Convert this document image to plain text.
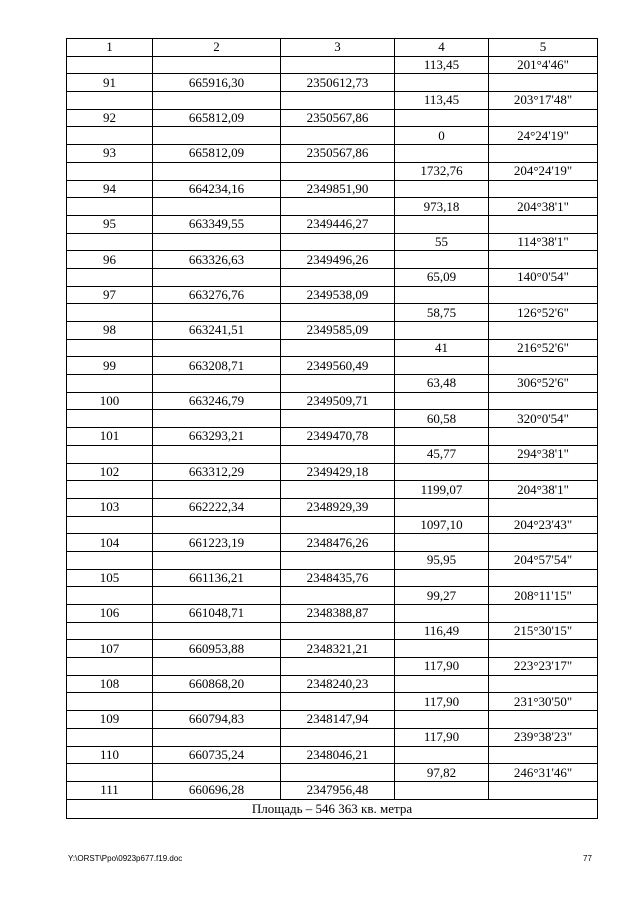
1	2	3	4	5
			113,45	201°4'46"
91	665916,30	2350612,73		
			113,45	203°17'48"
92	665812,09	2350567,86		
			0	24°24'19"
93	665812,09	2350567,86		
			1732,76	204°24'19"
94	664234,16	2349851,90		
			973,18	204°38'1"
95	663349,55	2349446,27		
			55	114°38'1"
96	663326,63	2349496,26		
			65,09	140°0'54"
97	663276,76	2349538,09		
			58,75	126°52'6"
98	663241,51	2349585,09		
			41	216°52'6"
99	663208,71	2349560,49		
			63,48	306°52'6"
100	663246,79	2349509,71		
			60,58	320°0'54"
101	663293,21	2349470,78		
			45,77	294°38'1"
102	663312,29	2349429,18		
			1199,07	204°38'1"
103	662222,34	2348929,39		
			1097,10	204°23'43"
104	661223,19	2348476,26		
			95,95	204°57'54"
105	661136,21	2348435,76		
			99,27	208°11'15"
106	661048,71	2348388,87		
			116,49	215°30'15"
107	660953,88	2348321,21		
			117,90	223°23'17"
108	660868,20	2348240,23		
			117,90	231°30'50"
109	660794,83	2348147,94		
			117,90	239°38'23"
110	660735,24	2348046,21		
			97,82	246°31'46"
111	660696,28	2347956,48		
Площадь – 546 363 кв. метра				
Y:\ORST\Ppo\0923p677.f19.doc	77
